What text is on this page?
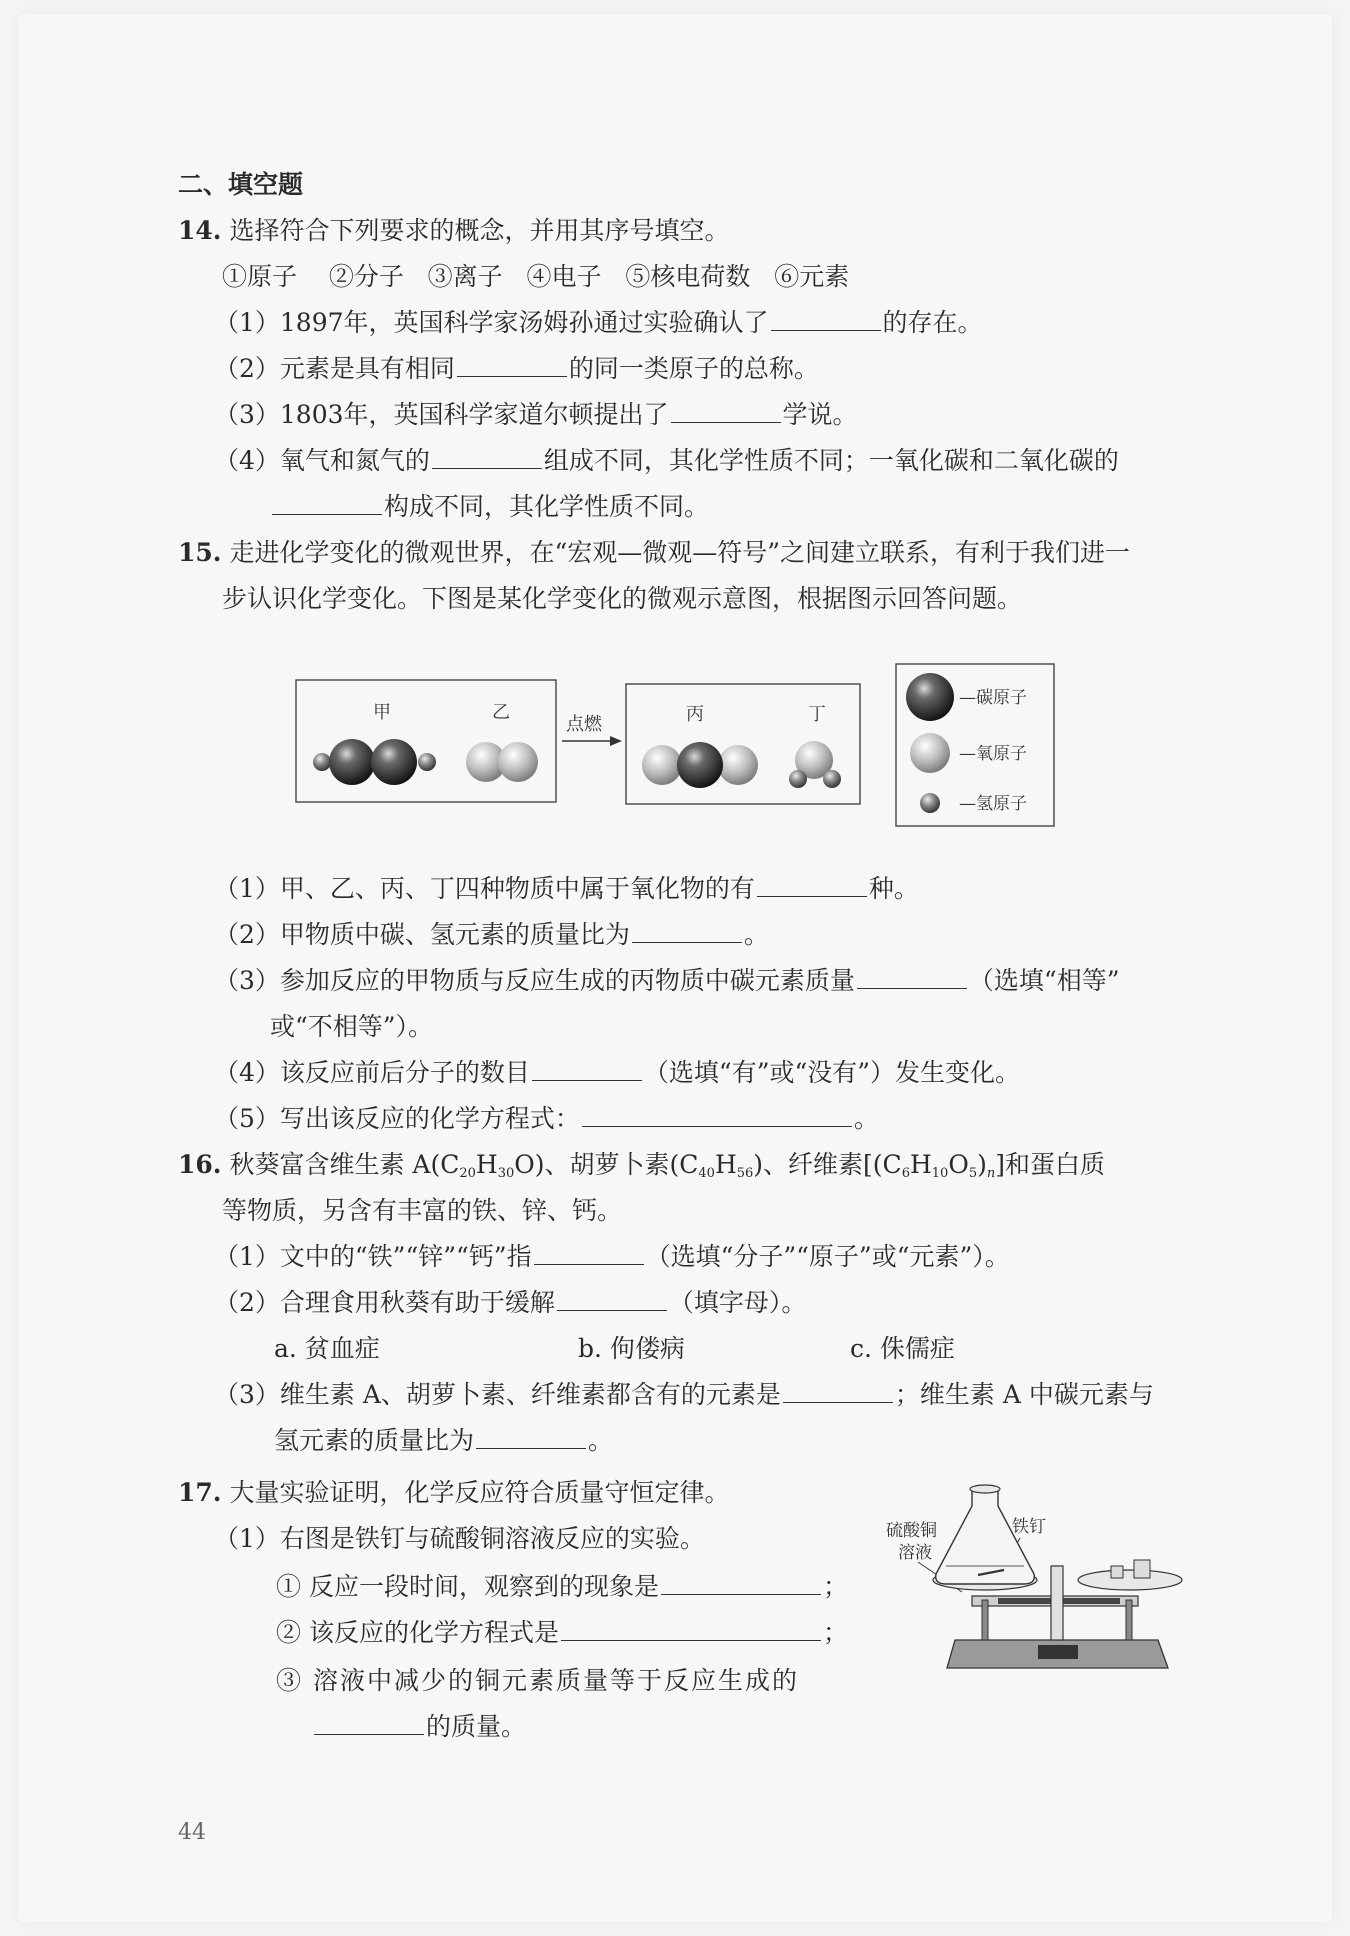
二、填空题
14. 选择符合下列要求的概念，并用其序号填空。
①原子 ②分子 ③离子 ④电子 ⑤核电荷数 ⑥元素
（1）1897年，英国科学家汤姆孙通过实验确认了	的存在。
（2）元素是具有相同	的同一类原子的总称。
（3）1803年，英国科学家道尔顿提出了	学说。
（4）氧气和氮气的	组成不同，其化学性质不同；一氧化碳和二氧化碳的
构成不同，其化学性质不同。
15. 走进化学变化的微观世界，在“宏观—微观—符号”之间建立联系，有利于我们进一
步认识化学变化。下图是某化学变化的微观示意图，根据图示回答问题。
甲	乙
点燃	丙	丁
—碳原子
—氧原子
—氢原子
（1）甲、乙、丙、丁四种物质中属于氧化物的有	种。
（2）甲物质中碳、氢元素的质量比为	。
（3）参加反应的甲物质与反应生成的丙物质中碳元素质量	（选填“相等”
或“不相等”）。
（4）该反应前后分子的数目	（选填“有”或“没有”）发生变化。
（5）写出该反应的化学方程式：	。
16. 秋葵富含维生素 $A(C_{20}H_{30}O)$、胡萝卜素$(C_{40}H_{56})$、纤维素$[(C_6H_{10}O_5)_n]$和蛋白质
等物质，另含有丰富的铁、锌、钙。
（1）文中的“铁”“锌”“钙”指	（选填“分子”“原子”或“元素”）。
（2）合理食用秋葵有助于缓解	（填字母）。
a. 贫血症	b. 佝偻病	c. 侏儒症
（3）维生素 A、胡萝卜素、纤维素都含有的元素是	；维生素 A 中碳元素与
氢元素的质量比为	。
17. 大量实验证明，化学反应符合质量守恒定律。
（1）右图是铁钉与硫酸铜溶液反应的实验。
① 反应一段时间，观察到的现象是	；
② 该反应的化学方程式是	；
③ 溶液中减少的铜元素质量等于反应生成的
的质量。
硫酸铜
溶液
铁钉
44
